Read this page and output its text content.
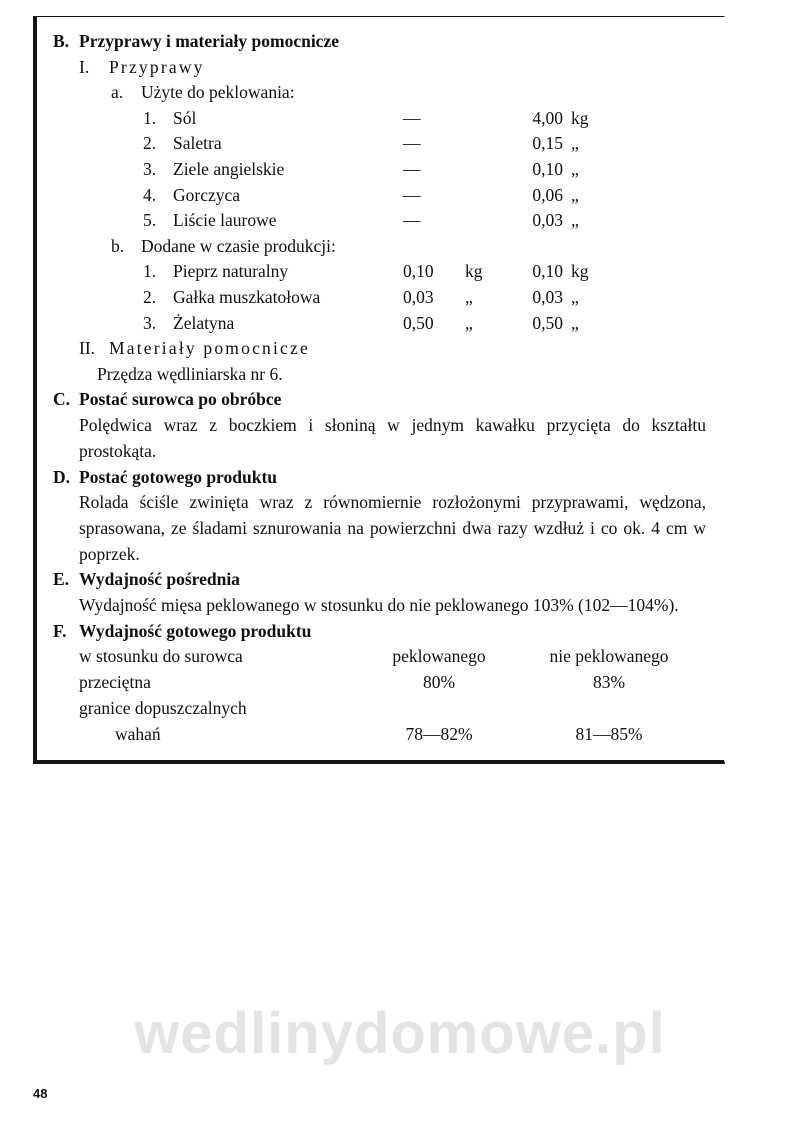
B. Przyprawy i materiały pomocnicze
I.	Przyprawy
a.	Użyte do peklowania:
1. Sól	—	4,00 kg
2. Saletra	—	0,15 „
3. Ziele angielskie	—	0,10 „
4. Gorczyca	—	0,06 „
5. Liście laurowe	—	0,03 „
b. Dodane w czasie produkcji:
1. Pieprz naturalny	0,10	kg	0,10 kg
2. Gałka muszkatołowa	0,03	„	0,03 „
3. Żelatyna	0,50	„	0,50 „
II. Materiały pomocnicze
Przędza wędliniarska nr 6.
C. Postać surowca po obróbce
Polędwica wraz z boczkiem i słoniną w jednym kawałku przycięta do kształtu prostokąta.
D. Postać gotowego produktu
Rolada ściśle zwinięta wraz z równomiernie rozłożonymi przyprawami, wędzona, sprasowana, ze śladami sznurowania na powierzchni dwa razy wzdłuż i co ok. 4 cm w poprzek.
E. Wydajność pośrednia
Wydajność mięsa peklowanego w stosunku do nie peklowanego 103% (102—104%).
F. Wydajność gotowego produktu
w stosunku do surowca	peklowanego	nie peklowanego
przeciętna	80%	83%
granice dopuszczalnych
wahań	78—82%	81—85%
wedlinydomowe.pl
48
